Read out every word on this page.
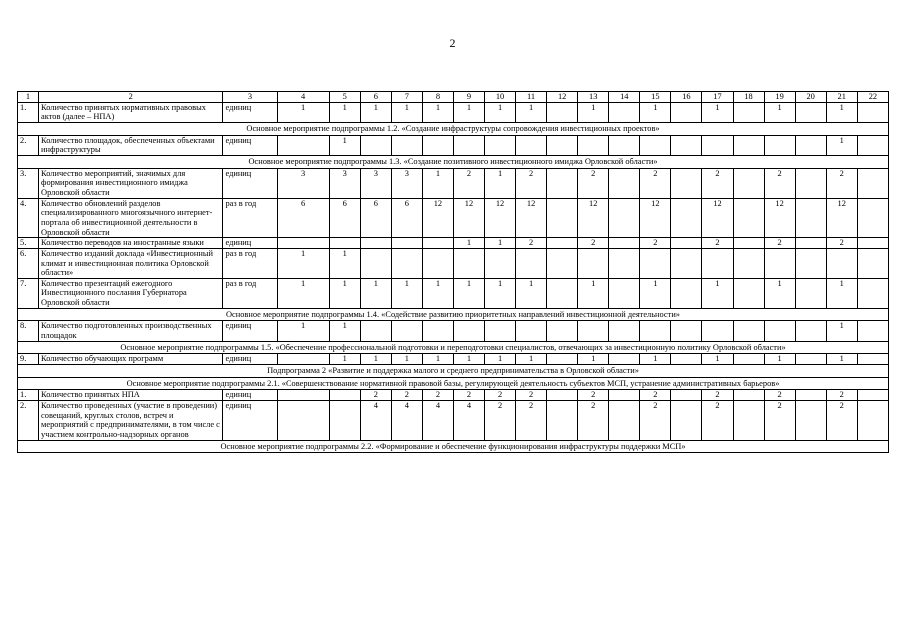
2
1	2	3	4	5	6	7	8	9	10	11	12	13	14	15	16	17	18	19	20	21	22
1.	Количество принятых нормативных правовых актов (далее – НПА)	единиц	1	1	1	1	1	1	1	1		1		1		1		1		1	
Основное мероприятие подпрограммы 1.2. «Создание инфраструктуры сопровождения инвестиционных проектов»																					
2.	Количество площадок, обеспеченных объектами инфраструктуры	единиц		1																1	
Основное мероприятие подпрограммы 1.3. «Создание позитивного инвестиционного имиджа Орловской области»																					
3.	Количество мероприятий, значимых для формирования инвестиционного имиджа Орловской области	единиц	3	3	3	3	1	2	1	2		2		2		2		2		2	
4.	Количество обновлений разделов специализированного многоязычного интернет-портала об инвестиционной деятельности в Орловской области	раз в год	6	6	6	6	12	12	12	12		12		12		12		12		12	
5.	Количество переводов на иностранные языки	единиц						1	1	2		2		2		2		2		2	
6.	Количество изданий доклада «Инвестиционный климат и инвестиционная политика Орловской области»	раз в год	1	1																	
7.	Количество презентаций ежегодного Инвестиционного послания Губернатора Орловской области	раз в год	1	1	1	1	1	1	1	1		1		1		1		1		1	
Основное мероприятие подпрограммы 1.4. «Содействие развитию приоритетных направлений инвестиционной деятельности»																					
8.	Количество подготовленных производственных площадок	единиц	1	1																1	
Основное мероприятие подпрограммы 1.5. «Обеспечение профессиональной подготовки и переподготовки специалистов, отвечающих за инвестиционную политику Орловской области»																					
9.	Количество обучающих программ	единиц		1	1	1	1	1	1	1		1		1		1		1		1	
Подпрограмма 2 «Развитие и поддержка малого и среднего предпринимательства в Орловской области»																					
Основное мероприятие подпрограммы 2.1. «Совершенствование нормативной правовой базы, регулирующей деятельность субъектов МСП, устранение административных барьеров»																					
1.	Количество принятых НПА	единиц			2	2	2	2	2	2		2		2		2		2		2	
2.	Количество проведенных (участие в проведении) совещаний, круглых столов, встреч и мероприятий с предпринимателями, в том числе с участием контрольно-надзорных органов	единиц			4	4	4	4	2	2		2		2		2		2		2	
Основное мероприятие подпрограммы 2.2. «Формирование и обеспечение функционирования инфраструктуры поддержки МСП»																					
